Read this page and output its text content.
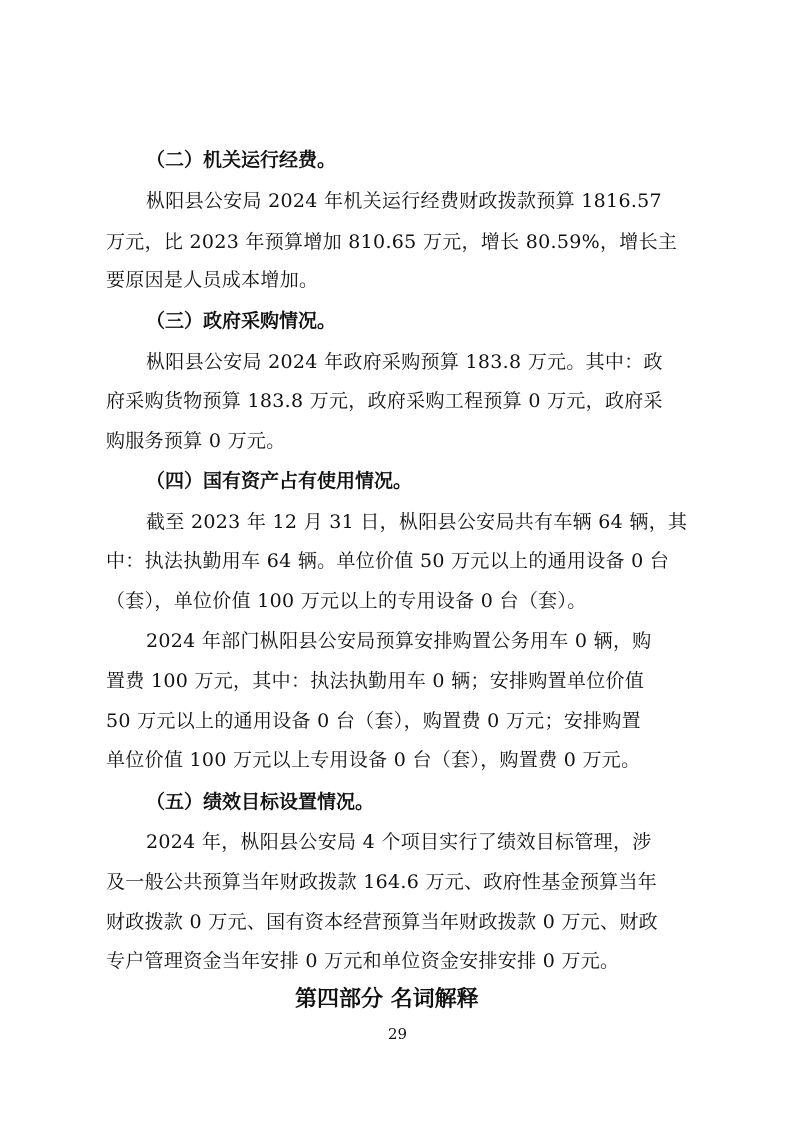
（二）机关运行经费。
枞阳县公安局 2024 年机关运行经费财政拨款预算 1816.57
万元，比 2023 年预算增加 810.65 万元，增长 80.59%，增长主
要原因是人员成本增加。
（三）政府采购情况。
枞阳县公安局 2024 年政府采购预算 183.8 万元。其中：政
府采购货物预算 183.8 万元，政府采购工程预算 0 万元，政府采
购服务预算 0 万元。
（四）国有资产占有使用情况。
截至 2023 年 12 月 31 日，枞阳县公安局共有车辆 64 辆，其
中：执法执勤用车 64 辆。单位价值 50 万元以上的通用设备 0 台
（套），单位价值 100 万元以上的专用设备 0 台（套）。
2024 年部门枞阳县公安局预算安排购置公务用车 0 辆，购
置费 100 万元，其中：执法执勤用车 0 辆；安排购置单位价值
50 万元以上的通用设备 0 台（套），购置费 0 万元；安排购置
单位价值 100 万元以上专用设备 0 台（套），购置费 0 万元。
（五）绩效目标设置情况。
2024 年，枞阳县公安局 4 个项目实行了绩效目标管理，涉
及一般公共预算当年财政拨款 164.6 万元、政府性基金预算当年
财政拨款 0 万元、国有资本经营预算当年财政拨款 0 万元、财政
专户管理资金当年安排 0 万元和单位资金安排安排 0 万元。
第四部分 名词解释
29
